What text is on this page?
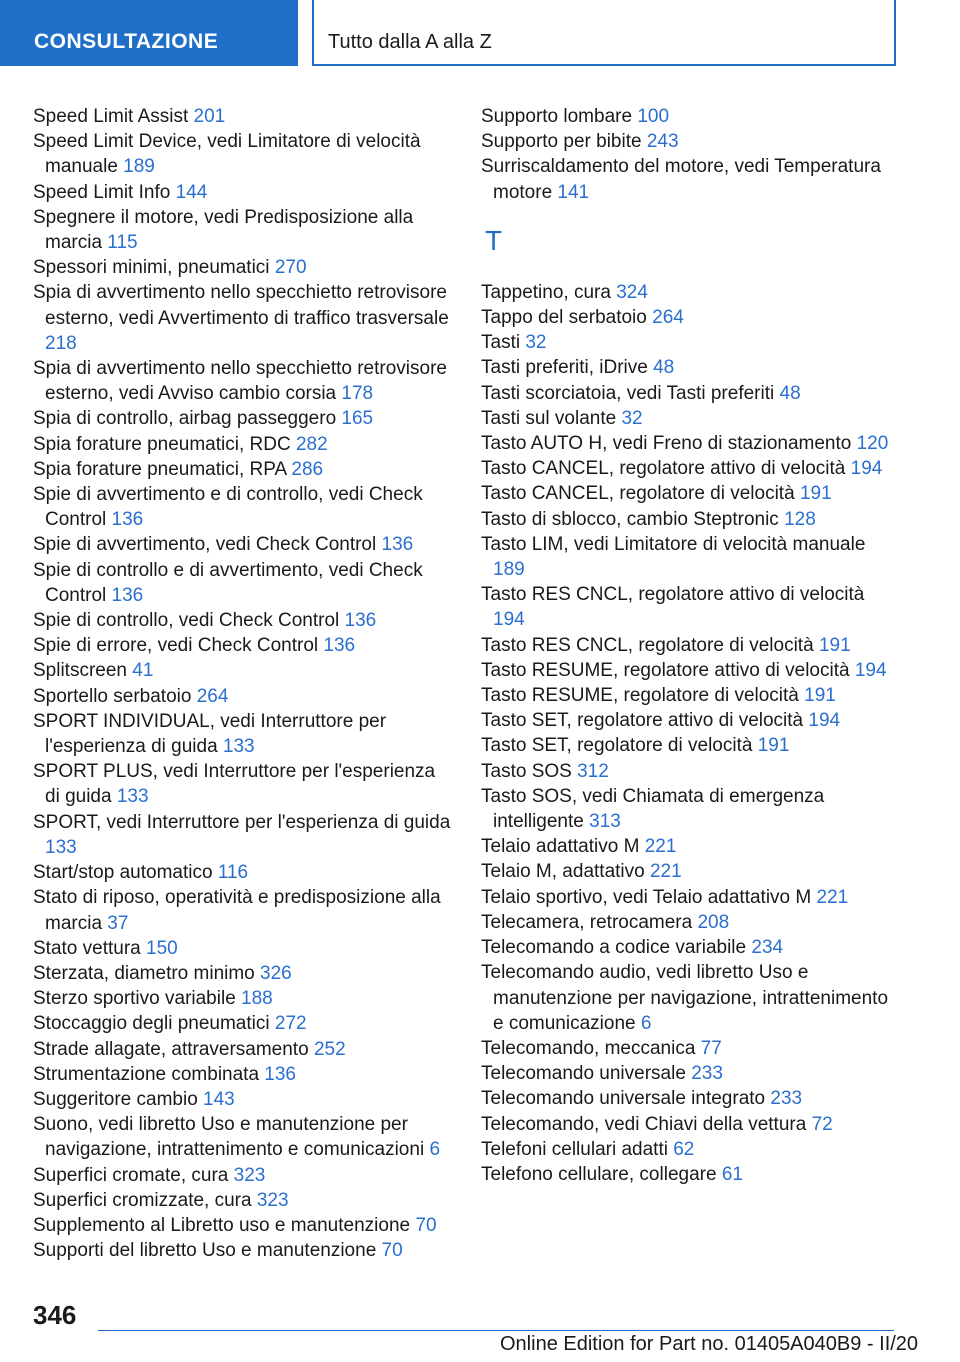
CONSULTAZIONE	Tutto dalla A alla Z
Speed Limit Assist 201
Speed Limit Device, vedi Limitatore di velocità manuale 189
Speed Limit Info 144
Spegnere il motore, vedi Predisposizione alla marcia 115
Spessori minimi, pneumatici 270
Spia di avvertimento nello specchietto retrovisore esterno, vedi Avvertimento di traffico trasversale 218
Spia di avvertimento nello specchietto retrovisore esterno, vedi Avviso cambio corsia 178
Spia di controllo, airbag passeggero 165
Spia forature pneumatici, RDC 282
Spia forature pneumatici, RPA 286
Spie di avvertimento e di controllo, vedi Check Control 136
Spie di avvertimento, vedi Check Control 136
Spie di controllo e di avvertimento, vedi Check Control 136
Spie di controllo, vedi Check Control 136
Spie di errore, vedi Check Control 136
Splitscreen 41
Sportello serbatoio 264
SPORT INDIVIDUAL, vedi Interruttore per l'esperienza di guida 133
SPORT PLUS, vedi Interruttore per l'esperienza di guida 133
SPORT, vedi Interruttore per l'esperienza di guida 133
Start/stop automatico 116
Stato di riposo, operatività e predisposizione alla marcia 37
Stato vettura 150
Sterzata, diametro minimo 326
Sterzo sportivo variabile 188
Stoccaggio degli pneumatici 272
Strade allagate, attraversamento 252
Strumentazione combinata 136
Suggeritore cambio 143
Suono, vedi libretto Uso e manutenzione per navigazione, intrattenimento e comunicazioni 6
Superfici cromate, cura 323
Superfici cromizzate, cura 323
Supplemento al Libretto uso e manutenzione 70
Supporti del libretto Uso e manutenzione 70
Supporto lombare 100
Supporto per bibite 243
Surriscaldamento del motore, vedi Temperatura motore 141
T
Tappetino, cura 324
Tappo del serbatoio 264
Tasti 32
Tasti preferiti, iDrive 48
Tasti scorciatoia, vedi Tasti preferiti 48
Tasti sul volante 32
Tasto AUTO H, vedi Freno di stazionamento 120
Tasto CANCEL, regolatore attivo di velocità 194
Tasto CANCEL, regolatore di velocità 191
Tasto di sblocco, cambio Steptronic 128
Tasto LIM, vedi Limitatore di velocità manuale 189
Tasto RES CNCL, regolatore attivo di velocità 194
Tasto RES CNCL, regolatore di velocità 191
Tasto RESUME, regolatore attivo di velocità 194
Tasto RESUME, regolatore di velocità 191
Tasto SET, regolatore attivo di velocità 194
Tasto SET, regolatore di velocità 191
Tasto SOS 312
Tasto SOS, vedi Chiamata di emergenza intelligente 313
Telaio adattativo M 221
Telaio M, adattativo 221
Telaio sportivo, vedi Telaio adattativo M 221
Telecamera, retrocamera 208
Telecomando a codice variabile 234
Telecomando audio, vedi libretto Uso e manutenzione per navigazione, intrattenimento e comunicazione 6
Telecomando, meccanica 77
Telecomando universale 233
Telecomando universale integrato 233
Telecomando, vedi Chiavi della vettura 72
Telefoni cellulari adatti 62
Telefono cellulare, collegare 61
346
Online Edition for Part no. 01405A040B9 - II/20
